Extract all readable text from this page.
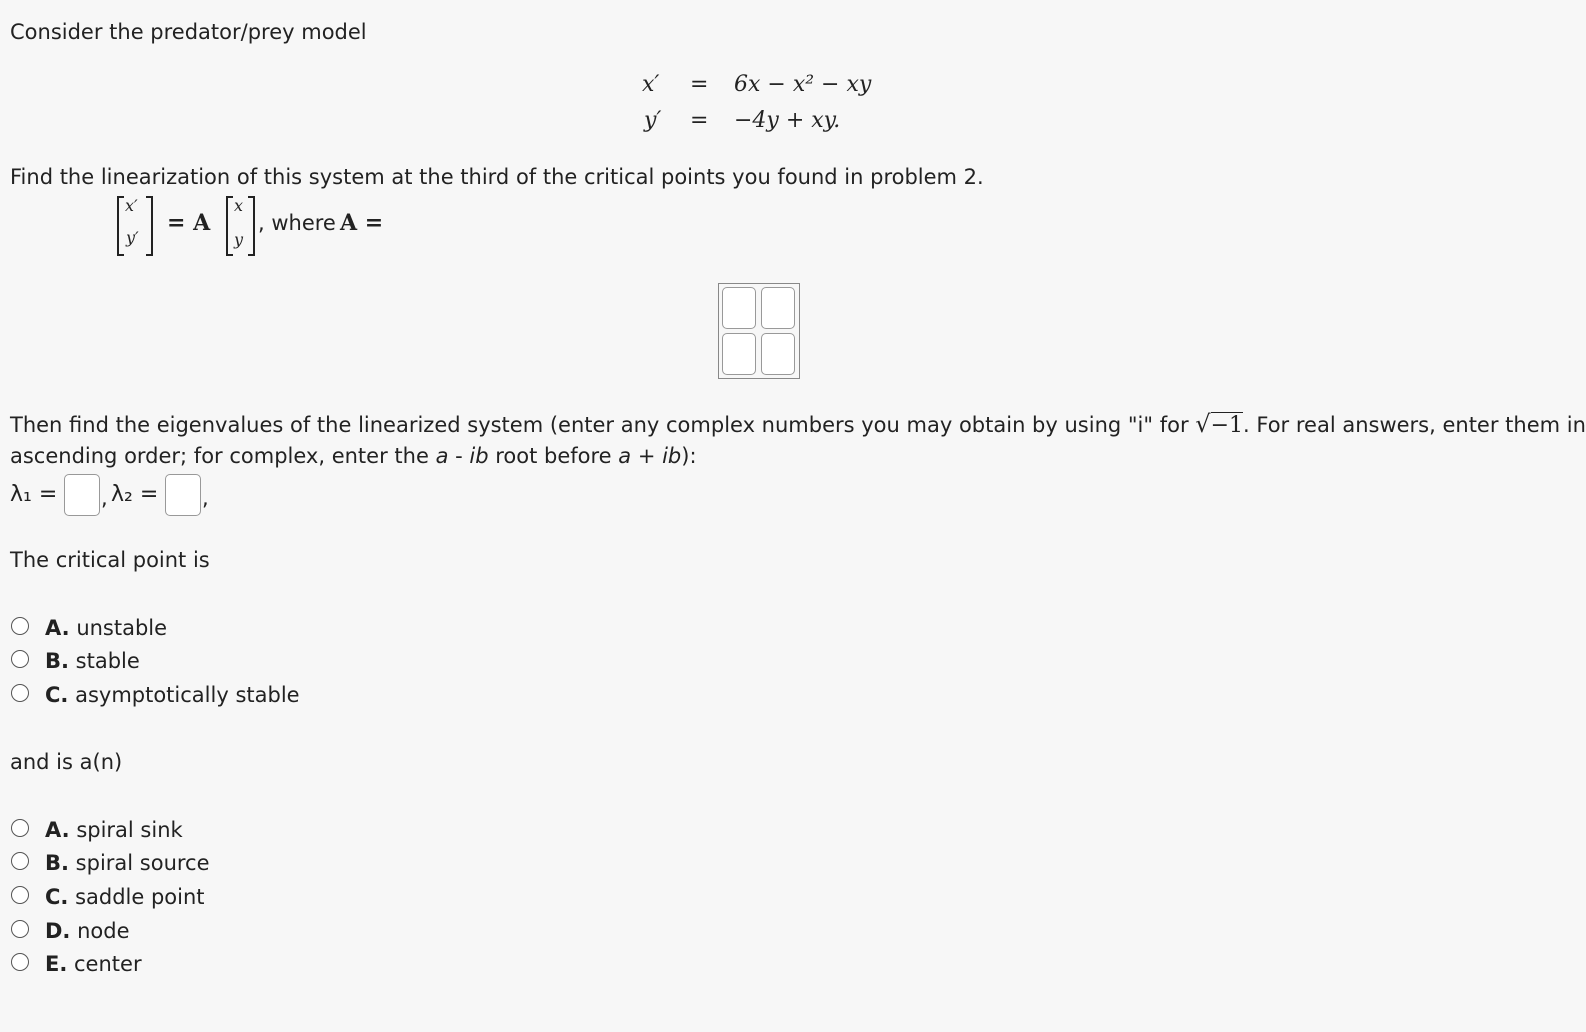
Consider the predator/prey model
x′ = 6x − x² − xy
y′ = −4y + xy.
Find the linearization of this system at the third of the critical points you found in problem 2.
x′
y′
= A
x
y
, where A =
Then find the eigenvalues of the linearized system (enter any complex numbers you may obtain by using "i" for √−1. For real answers, enter them in
ascending order; for complex, enter the a - ib root before a + ib):
λ₁ = , λ₂ = ,
The critical point is
A. unstable
B. stable
C. asymptotically stable
and is a(n)
A. spiral sink
B. spiral source
C. saddle point
D. node
E. center
